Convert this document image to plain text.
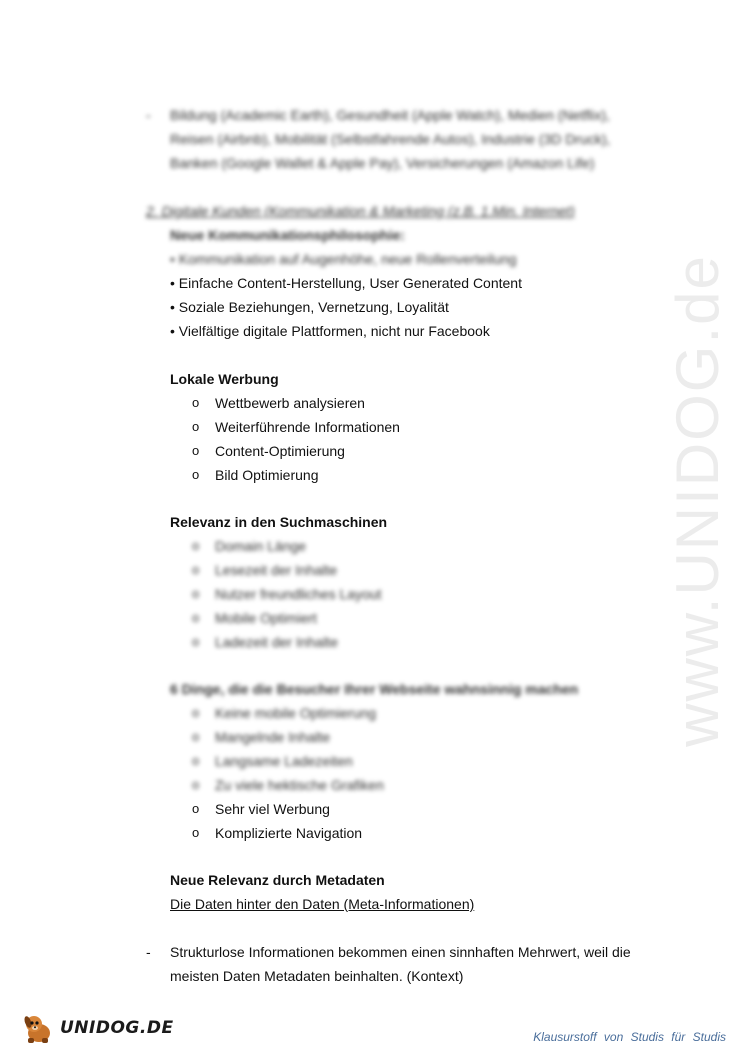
www.UNIDOG.de
- Bildung (Academic Earth), Gesundheit (Apple Watch), Medien (Netflix),
Reisen (Airbnb), Mobilität (Selbstfahrende Autos), Industrie (3D Druck),
Banken (Google Wallet & Apple Pay), Versicherungen (Amazon Life)
2. Digitale Kunden (Kommunikation & Marketing (z.B. 1.Min. Internet)
Neue Kommunikationsphilosophie:
• Kommunikation auf Augenhöhe, neue Rollenverteilung
• Einfache Content-Herstellung, User Generated Content
• Soziale Beziehungen, Vernetzung, Loyalität
• Vielfältige digitale Plattformen, nicht nur Facebook
Lokale Werbung
o Wettbewerb analysieren
o Weiterführende Informationen
o Content-Optimierung
o Bild Optimierung
Relevanz in den Suchmaschinen
o Domain Länge
o Lesezeit der Inhalte
o Nutzer freundliches Layout
o Mobile Optimiert
o Ladezeit der Inhalte
6 Dinge, die die Besucher Ihrer Webseite wahnsinnig machen
o Keine mobile Optimierung
o Mangelnde Inhalte
o Langsame Ladezeiten
o Zu viele hektische Grafiken
o Sehr viel Werbung
o Komplizierte Navigation
Neue Relevanz durch Metadaten
Die Daten hinter den Daten (Meta-Informationen)
- Strukturlose Informationen bekommen einen sinnhaften Mehrwert, weil die
meisten Daten Metadaten beinhalten. (Kontext)
UNIDOG.DE	Klausurstoff von Studis für Studis
